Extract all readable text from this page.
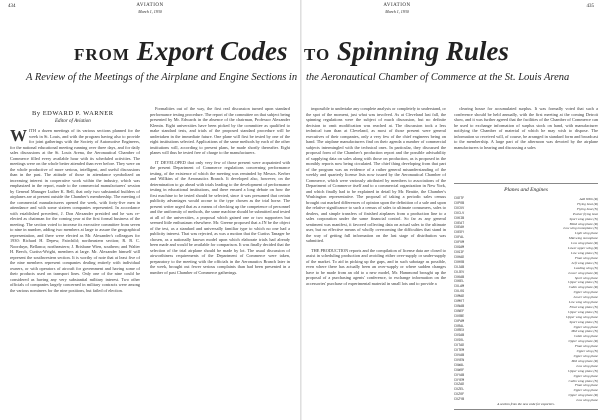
434	AVIATION
March 1, 1930
FROM Export Codes
A Review of the Meetings of the Airplane and Engine Sections in
By EDWARD P. WARNER
Editor of Aviation
W ITH a dozen meetings of its various sections planned for the week in St. Louis, and with the program having also to provide for joint gatherings with the Society of Automotive Engineers, for the national educational meeting running over three days, and for daily sales discussions at the St. Louis Arena, the Aeronautical Chamber of Commerce filled every available hour with its scheduled activities. The meetings were on the whole better attended than ever before. They were on the whole productive of more serious, intelligent, and useful discussions than in the past. The attitude of those in attendance symbolized an increasing interest in cooperative work within the industry, which was emphasized in the report, made to the commercial manufacturers' session by General Manager Luther K. Bell, that only two substantial builders of airplanes are at present outside the Chamber's membership. The meeting of the commercial manufacturers opened the week, with forty-five men in attendance and with some sixteen companies represented. In accordance with established precedent, J. Don Alexander presided and he was re-elected as chairman for the coming year at the first formal business of the meeting. The section voted to increase its executive committee from seven to nine in number, adding two members at large to assure the geographical representation, and there were elected as Mr. Alexander's colleagues for 1930: Richard H. Depew, Fairchild; northeastern section; R. B. C. Noorduyn, Bellanca; northeastern; J. Brisbane Wien, southern; and Walter H. Beech, Curtiss-Wright, members at large. Mr. Alexander himself will represent the southwestern section. It is worthy of note that at least five of the nine members represent companies dealing entirely with individual owners, or with operators of aircraft for government and having some of their products used on transport lines. Only one of the nine could be considered as having any very substantial military interest. Two other officials of companies largely concerned in military contracts were among the various nominees for the nine positions, but failed of election.

Formalities out of the way, the first real discussion turned upon standard performance testing procedure. The report of the committee on that subject being presented by Mr. Edwards in the absence of the chairman, Professor Alexander Klemin. Eight universities have been picked by the committee as qualified to make standard tests, and trials of the proposed standard procedure will be undertaken in the immediate future. One plane will first be tested by one of the eight institutions selected. Applications of the same methods by each of the other institutions will, according to present plans, be made shortly thereafter. Eight planes will thus be tested free of charge to the manufacturers.

IT DEVELOPED that only very few of those present were acquainted with the present Department of Commerce regulations concerning performance testing, of the existence of which the meeting was reminded by Messrs. Kerber and Willkins of the Aeronautics Branch. It developed also, however, on the determination to go ahead with trials leading to the development of performance testing in educational institutions, and there ensued a long debate on how the first machine to be tested should be selected, since it was presumed that certain publicity advantages would accrue to the type chosen as the trial horse. The present writer urged that as a means of checking up the competence of personnel and the uniformity of methods, the same machine should be submitted and tested at all of the universities, a proposal which gained one or two supporters but seemed little enthusiasm elsewhere. Mr. Greene proposed that a JN be the object of the test, as a standard and universally familiar type to which no one had a publicity interest. That was rejected, as was a motion that the Curtiss Tanager be chosen, as a nationally known model upon which elaborate trials had already been made and would be available for comparison. It was finally decided that the selection of the trial airplane should be made by lot. The usual discussion of airworthiness requirements of the Department of Commerce were taken, preparatory to the meeting with the officials in the Aeronautics Branch later in the week, brought out fewer serious complaints than had been presented in a number of past Chamber of Commerce gatherings.

435
AVIATION
March 1, 1930
TO Spinning Rules
the Aeronautical Chamber of Commerce at the St. Louis Arena

impossible to undertake any complete analysis or completely to understand, or the spot of the moment, just what was involved. As at Cleveland last fall, the spinning regulations were the subject of much discussion, but no definite decision to omit modification was reached at. The discussion took a less technical turn than at Cleveland, as most of those present were general executives of their companies, only a very few of the chief engineers being on hand. The airplane manufacturers find on their agenda a number of commercial subjects intermingled with the technical ones. In particular, they discussed the proposal form of the Chamber's production report and the possible advisability of supplying data on sales along with those on production, as is proposed in the monthly reports now being circulated. The chief thing developing from that part of the program was an evidence of a rather general misunderstanding of the weekly and quarterly license lists now issued by the Aeronautical Chamber of Commerce, which were variously attributed by members to associations of the Department of Commerce itself and to a commercial organization in New York, and which finally had to be explained in detail by Mr. Beattie, the Chamber's Washington representative. The proposal of taking a periodic sales census brought out marked differences of opinion upon the definition of a sale and upon the relative significance to such a census of sales to ultimate consumers, sales to dealers, and simple transfers of finished airplanes from a production line to a sales corporation under the same financial control. So far as any general sentiment was manifest, it favored collecting data on actual sales to the ultimate user, but no effective means of wholly overcoming the difficulties that stand in the way of getting full information on the last stage of distribution was submitted.

THE PRODUCTION reports and the compilation of license data are closed to assist in scheduling production and avoiding either over-supply or under-supply of the market. To aid in picking up the gaps, and in such sabotage as possible, even where there has actually been an over-supply or where sudden changes have to be made from an old to a new model, Mr. Hammond brought up the proposal of a purchasing agents' conference, to exchange information on the accessories' purchase of experimental material in small lots and to provide a

clearing house for accumulated surplus. It was formally voted that such a conference should be held annually, with the first meeting at the coming Detroit show, and it was further agreed that the facilities of the Chamber of Commerce can be used to exchange information of surplus stock on hand, with manufacturer notifying the Chamber of material of which he may wish to dispose. The information so received will, of course, be arranged in standard form and broadcast to the membership. A large part of the afternoon was devoted by the airplane manufacturers to hearing and discussing a sales

Planes and Engines
CUDTF	Add Wibb (R)
CUPOB	Flying boat (R)
CUCUV	Flying boat (N)
CUCLV	Pusher flying boat
CUKIB	Sport wing plane (N)
CUEAT	Blind wing plane (R)
CUEAH	Low wing monoplane (N)
CUEDY	Light wing plane
CUFAL	Mid-wing monoplane
CUFUM	Low wing plane (R)
CUGAM	Lower upper wing (R)
CUGIF	Low wing plane (N)
CUHAD	Float wing plane
CUHOB	Left wing plane (N)
CUJAB	Leading wing (N)
CUJEV	Lower wing plane (R)
CUKAB	Sport wing plane
CUKEL	Upper wing plane (N)
CULAM	Cabin wing plane (R)
CULOG	Upper wing plane
CUMAD	Lower wing plane
CUMOT	Low wing wing plane
CUNAB	Float wing plane (N)
CUNEF	Upper wing plane (N)
CUOBE	Upper wing wing plane
CUPAM	Sport wing plane (N)
CURAL	Upper wing plane
CUREX	Mid wing plane (N)
CUSAB	Cabin wing plane
CUSOL	Upper wing plane (R)
CUTAD	Float wing plane
CUTEM	Upper wing (N)
CUVAB	Upper wing plane
CUVEN	Mid wing plane (R)
CUWAL	Low wing plane
CUWOF	Upper wing plane (N)
CUYAB	Upper wing plane
CUYEM	Cabin wing plane (N)
CUZAD	Float wing plane
CUZEL	Upper wing plane
CUZOF	Upper wing plane (R)
CUZYB	Low wing plane
A section from the new code for exporters.
